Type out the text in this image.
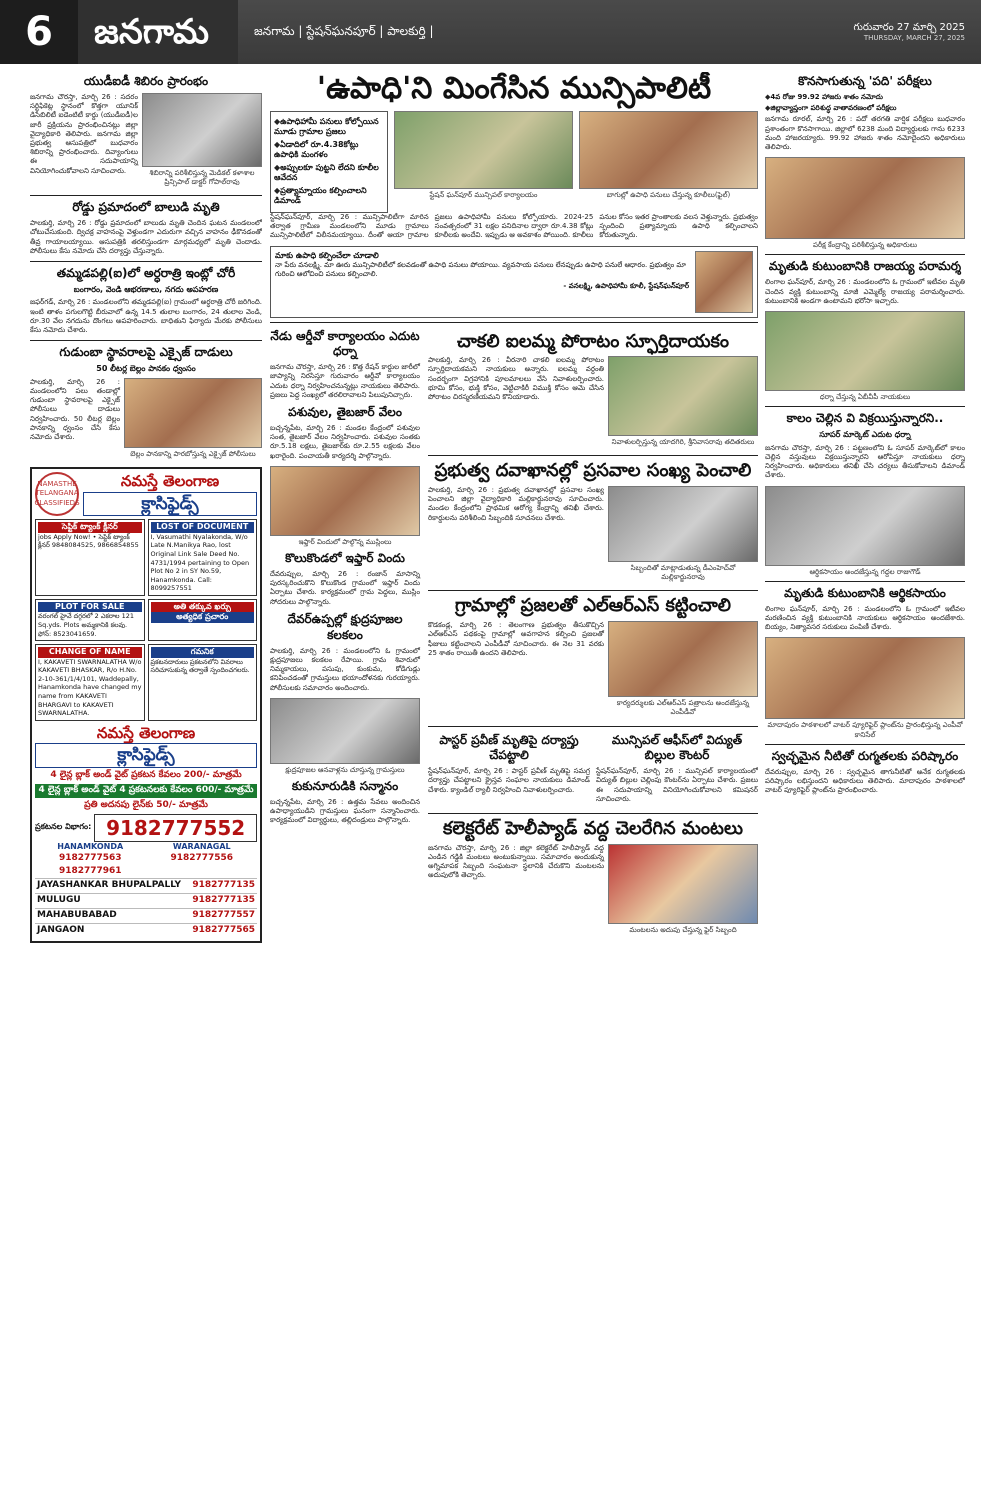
6	జనగామ	జనగామ | స్టేషన్‌ఘనపూర్ | పాలకుర్తి |	గురువారం 27 మార్చి 2025
THURSDAY, MARCH 27, 2025
యుడీఐడీ శిబిరం ప్రారంభం
జనగామ చౌరస్తా, మార్చి 26 : సదరం సర్టిఫికెట్ల స్థానంలో కొత్తగా యూనిక్ డిసేబిలిటీ ఐడెంటిటీ కార్డు (యుడీఐడీ)ల జారీ ప్రక్రియను ప్రారంభించినట్లు జిల్లా వైద్యాధికారి తెలిపారు. జనగామ జిల్లా ప్రభుత్వ ఆసుపత్రిలో బుధవారం శిబిరాన్ని ప్రారంభించారు. దివ్యాంగులు ఈ సదుపాయాన్ని వినియోగించుకోవాలని సూచించారు.	శిబిరాన్ని పరిశీలిస్తున్న మెడికల్‌ కళాశాల ప్రిన్సిపాల్‌ డాక్టర్‌ గోపాల్‌రావు
రోడ్డు ప్రమాదంలో బాలుడి మృతి
పాలకుర్తి, మార్చి 26 : రోడ్డు ప్రమాదంలో బాలుడు మృతి చెందిన ఘటన మండలంలో చోటుచేసుకుంది. ద్విచక్ర వాహనంపై వెళ్తుండగా ఎదురుగా వచ్చిన వాహనం ఢీకొనడంతో తీవ్ర గాయాలయ్యాయి. ఆసుపత్రికి తరలిస్తుండగా మార్గమధ్యలో మృతి చెందాడు. పోలీసులు కేసు నమోదు చేసి దర్యాప్తు చేస్తున్నారు.
తమ్మడపల్లి(ఐ)లో అర్ధరాత్రి ఇంట్లో చోరీ
బంగారం, వెండి ఆభరణాలు, నగదు అపహరణ
జఫర్‌గడ్, మార్చి 26 : మండలంలోని తమ్మడపల్లి(ఐ) గ్రామంలో అర్ధరాత్రి చోరీ జరిగింది. ఇంటి తాళం పగులగొట్టి బీరువాలో ఉన్న 14.5 తులాల బంగారం, 24 తులాల వెండి, రూ.30 వేల నగదును దొంగలు అపహరించారు. బాధితుని ఫిర్యాదు మేరకు పోలీసులు కేసు నమోదు చేశారు.
గుడుంబా స్థావరాలపై ఎక్సైజ్‌ దాడులు
50 లీటర్ల బెల్లం పానకం ధ్వంసం
పాలకుర్తి, మార్చి 26 : మండలంలోని పలు తండాల్లో గుడుంబా స్థావరాలపై ఎక్సైజ్‌ పోలీసులు దాడులు నిర్వహించారు. 50 లీటర్ల బెల్లం పానకాన్ని ధ్వంసం చేసి కేసు నమోదు చేశారు.
బెల్లం పానకాన్ని పారబోస్తున్న ఎక్సైజ్‌ పోలీసులు
NAMASTHE TELANGANA CLASSIFIEDS
నమస్తే తెలంగాణ
క్లాసిఫైడ్స్
సెప్టిక్‌ ట్యాంక్‌ క్లీనర్‌
jobs Apply Now! • సెప్టిక్‌ ట్యాంక్‌ క్లీనర్‌ 9848084525, 9866854855
LOST OF DOCUMENT
I, Vasumathi Nyalakonda, W/o Late N.Manikya Rao, lost Original Link Sale Deed No. 4731/1994 pertaining to Open Plot No 2 in SY No.59, Hanamkonda. Call: 8099257551
PLOT FOR SALE
వరంగల్‌ హైవే దగ్గరలో 2 ఎకరాల 121 Sq.yds. Plots అమ్మకానికి కలవు. ఫోన్‌: 8523041659.
అతి తక్కువ ఖర్చు
అత్యధిక ప్రచారం
CHANGE OF NAME
I, KAKAVETI SWARNALATHA W/o KAKAVETI BHASKAR, R/o H.No. 2-10-361/1/4/101, Waddepally, Hanamkonda have changed my name from KAKAVETI BHARGAVI to KAKAVETI SWARNALATHA.
గమనిక
ప్రకటనదారులు ప్రకటనలోని వివరాలు సరిచూసుకున్న తర్వాతే స్పందించగలరు.
నమస్తే తెలంగాణ
క్లాసిఫైడ్స్
4 లైన్ల బ్లాక్‌ అండ్‌ వైట్‌ ప్రకటన కేవలం 200/- మాత్రమే
4 లైన్ల బ్లాక్‌ అండ్‌ వైట్‌ 4 ప్రకటనలకు కేవలం 600/- మాత్రమే
ప్రతి అదనపు లైన్‌కు 50/- మాత్రమే
ప్రకటనల విభాగం: 9182777552
HANAMKONDA	WARANAGAL
9182777563	9182777556
9182777961
JAYASHANKAR BHUPALPALLY 9182777135
MULUGU	9182777135
MAHABUBABAD	9182777557
JANGAON	9182777565
'ఉపాధి'ని మింగేసిన మున్సిపాలిటీ
◆ ఉపాధిహామీ పనులు కోల్పోయిన మూడు గ్రామాల ప్రజలు
◆ ఏడాదిలో రూ.4.38కోట్లు ఉపాధికి మంగళం
◆ అప్పులకూ పుట్టని లేదని కూలీల ఆవేదన
◆ ప్రత్యామ్నాయం కల్పించాలని డిమాండ్‌
స్టేషన్‌ ఘన్‌పూర్‌ మున్సిపల్‌ కార్యాలయం	బాగుల్లో ఉపాధి పనులు చేస్తున్న కూలీలు(ఫైల్‌)
స్టేషన్‌ఘన్‌పూర్, మార్చి 26 : మున్సిపాలిటీగా మారిన తర్వాత గ్రామీణ మండలంలోని మూడు గ్రామాలు మున్సిపాలిటీలో విలీనమయ్యాయి. దీంతో ఆయా గ్రామాల ప్రజలు ఉపాధిహామీ పనులు కోల్పోయారు. 2024-25 సంవత్సరంలో 31 లక్షల పనిదినాల ద్వారా రూ.4.38 కోట్లు కూలీలకు అందేవి. ఇప్పుడు ఆ అవకాశం పోయింది. కూలీలు పనుల కోసం ఇతర ప్రాంతాలకు వలస వెళ్తున్నారు. ప్రభుత్వం స్పందించి ప్రత్యామ్నాయ ఉపాధి కల్పించాలని కోరుతున్నారు.
మాకు ఉపాధి కల్పించేలా చూడాలి
నా పేరు వనలక్ష్మి. మా ఊరు మున్సిపాలిటీలో కలవడంతో ఉపాధి పనులు పోయాయి. వ్యవసాయ పనులు లేనప్పుడు ఉపాధి పనులే ఆధారం. ప్రభుత్వం మా గురించి ఆలోచించి పనులు కల్పించాలి.
- వనలక్ష్మి, ఉపాధిహామీ కూలీ, స్టేషన్‌ఘన్‌పూర్
నేడు ఆర్డీవో కార్యాలయం ఎదుట ధర్నా
జనగామ చౌరస్తా, మార్చి 26 : కొత్త రేషన్‌ కార్డుల జారీలో జాప్యాన్ని నిరసిస్తూ గురువారం ఆర్డీవో కార్యాలయం ఎదుట ధర్నా నిర్వహించనున్నట్లు నాయకులు తెలిపారు. ప్రజలు పెద్ద సంఖ్యలో తరలిరావాలని పిలుపునిచ్చారు.
పశువుల, తైబజార్‌ వేలం
బచ్చన్నపేట, మార్చి 26 : మండల కేంద్రంలో పశువుల సంత, తైబజార్‌ వేలం నిర్వహించారు. పశువుల సంతకు రూ.5.18 లక్షలు, తైబజార్‌కు రూ.2.55 లక్షలకు వేలం ఖరారైంది. పంచాయతీ కార్యదర్శి పాల్గొన్నారు.
ఇఫ్తార్‌ విందులో పాల్గొన్న ముస్లింలు
కొలుకొండలో ఇఫ్తార్‌ విందు
దేవరుప్పుల, మార్చి 26 : రంజాన్‌ మాసాన్ని పురస్కరించుకొని కొలుకొండ గ్రామంలో ఇఫ్తార్‌ విందు ఏర్పాటు చేశారు. కార్యక్రమంలో గ్రామ పెద్దలు, ముస్లిం సోదరులు పాల్గొన్నారు.
దేవర్‌ఉప్పల్లో క్షుద్రపూజల కలకలం
పాలకుర్తి, మార్చి 26 : మండలంలోని ఓ గ్రామంలో క్షుద్రపూజలు కలకలం రేపాయి. గ్రామ శివారులో నిమ్మకాయలు, పసుపు, కుంకుమ, కోడిగుడ్లు కనిపించడంతో గ్రామస్తులు భయాందోళనకు గురయ్యారు. పోలీసులకు సమాచారం అందించారు.
క్షుద్రపూజల ఆనవాళ్లను చూస్తున్న గ్రామస్తులు
కుకునూరుడికి సన్మానం
బచ్చన్నపేట, మార్చి 26 : ఉత్తమ సేవలు అందించిన ఉపాధ్యాయుడిని గ్రామస్తులు ఘనంగా సన్మానించారు. కార్యక్రమంలో విద్యార్థులు, తల్లిదండ్రులు పాల్గొన్నారు.
చాకలి ఐలమ్మ పోరాటం స్ఫూర్తిదాయకం
పాలకుర్తి, మార్చి 26 : వీరనారి చాకలి ఐలమ్మ పోరాటం స్ఫూర్తిదాయకమని నాయకులు అన్నారు. ఐలమ్మ వర్ధంతి సందర్భంగా విగ్రహానికి పూలమాలలు వేసి నివాళులర్పించారు. భూమి కోసం, భుక్తి కోసం, వెట్టిచాకిరీ విముక్తి కోసం ఆమె చేసిన పోరాటం చిరస్మరణీయమని కొనియాడారు.
నివాళులర్పిస్తున్న యాదగిరి, శ్రీనివాసరావు తదితరులు
ప్రభుత్వ దవాఖానల్లో ప్రసవాల సంఖ్య పెంచాలి
పాలకుర్తి, మార్చి 26 : ప్రభుత్వ దవాఖానల్లో ప్రసవాల సంఖ్య పెంచాలని జిల్లా వైద్యాధికారి మల్లికార్జునరావు సూచించారు. మండల కేంద్రంలోని ప్రాథమిక ఆరోగ్య కేంద్రాన్ని తనిఖీ చేశారు. రికార్డులను పరిశీలించి సిబ్బందికి సూచనలు చేశారు.
సిబ్బందితో మాట్లాడుతున్న డీఎంహెచ్‌వో మల్లికార్జునరావు
గ్రామాల్లో ప్రజలతో ఎల్‌ఆర్‌ఎస్‌ కట్టించాలి
కొడకండ్ల, మార్చి 26 : తెలంగాణ ప్రభుత్వం తీసుకొచ్చిన ఎల్‌ఆర్‌ఎస్‌ పథకంపై గ్రామాల్లో అవగాహన కల్పించి ప్రజలతో ఫీజులు కట్టించాలని ఎంపీడీవో సూచించారు. ఈ నెల 31 వరకు 25 శాతం రాయితీ ఉందని తెలిపారు.
కార్యదర్శులకు ఎల్‌ఆర్‌ఎస్‌ పత్రాలను అందజేస్తున్న ఎంపీడీవో
పాస్టర్‌ ప్రవీణ్‌ మృతిపై దర్యాప్తు చేపట్టాలి
స్టేషన్‌ఘన్‌పూర్, మార్చి 26 : పాస్టర్‌ ప్రవీణ్‌ మృతిపై సమగ్ర దర్యాప్తు చేపట్టాలని క్రైస్తవ సంఘాల నాయకులు డిమాండ్‌ చేశారు. క్యాండిల్‌ ర్యాలీ నిర్వహించి నివాళులర్పించారు.
మున్సిపల్‌ ఆఫీస్‌లో విద్యుత్‌ బిల్లుల కౌంటర్‌
స్టేషన్‌ఘన్‌పూర్, మార్చి 26 : మున్సిపల్‌ కార్యాలయంలో విద్యుత్‌ బిల్లుల చెల్లింపు కౌంటర్‌ను ఏర్పాటు చేశారు. ప్రజలు ఈ సదుపాయాన్ని వినియోగించుకోవాలని కమిషనర్‌ సూచించారు.
కలెక్టరేట్‌ హెలీప్యాడ్‌ వద్ద చెలరేగిన మంటలు
జనగామ చౌరస్తా, మార్చి 26 : జిల్లా కలెక్టరేట్‌ హెలీప్యాడ్‌ వద్ద ఎండిన గడ్డికి మంటలు అంటుకున్నాయి. సమాచారం అందుకున్న అగ్నిమాపక సిబ్బంది సంఘటనా స్థలానికి చేరుకొని మంటలను అదుపులోకి తెచ్చారు.
మంటలను అదుపు చేస్తున్న ఫైర్‌ సిబ్బంది
కొనసాగుతున్న 'పది' పరీక్షలు
◆ 4వ రోజు 99.92 హాజరు శాతం నమోదు
◆ జిల్లావ్యాప్తంగా పరిశుద్ధ వాతావరణంలో పరీక్షలు
జనగామ రూరల్, మార్చి 26 : పదో తరగతి వార్షిక పరీక్షలు బుధవారం ప్రశాంతంగా కొనసాగాయి. జిల్లాలో 6238 మంది విద్యార్థులకు గాను 6233 మంది హాజరయ్యారు. 99.92 హాజరు శాతం నమోదైందని అధికారులు తెలిపారు.
పరీక్ష కేంద్రాన్ని పరిశీలిస్తున్న అధికారులు
మృతుడి కుటుంబానికి రాజయ్య పరామర్శ
లింగాల ఘన్‌పూర్, మార్చి 26 : మండలంలోని ఓ గ్రామంలో ఇటీవల మృతి చెందిన వ్యక్తి కుటుంబాన్ని మాజీ ఎమ్మెల్యే రాజయ్య పరామర్శించారు. కుటుంబానికి అండగా ఉంటామని భరోసా ఇచ్చారు.
ధర్నా చేస్తున్న ఏబీవీపీ నాయకులు
కాలం చెల్లిన వి విక్రయిస్తున్నారని..
సూపర్‌ మార్కెట్‌ ఎదుట ధర్నా
జనగామ చౌరస్తా, మార్చి 26 : పట్టణంలోని ఓ సూపర్‌ మార్కెట్‌లో కాలం చెల్లిన వస్తువులు విక్రయిస్తున్నారని ఆరోపిస్తూ నాయకులు ధర్నా నిర్వహించారు. అధికారులు తనిఖీ చేసి చర్యలు తీసుకోవాలని డిమాండ్‌ చేశారు.
ఆర్థికసాయం అందజేస్తున్న గద్దల రాజుగౌడ్‌
మృతుడి కుటుంబానికి ఆర్థికసాయం
లింగాల ఘన్‌పూర్, మార్చి 26 : మండలంలోని ఓ గ్రామంలో ఇటీవల మరణించిన వ్యక్తి కుటుంబానికి నాయకులు ఆర్థికసాయం అందజేశారు. బియ్యం, నిత్యావసర సరుకులు పంపిణీ చేశారు.
మాదాపురం పాఠశాలలో వాటర్‌ ప్యూరిఫైర్‌ ప్లాంట్‌ను ప్రారంభిస్తున్న ఎంపీవో కానిసేల్‌
స్వచ్ఛమైన నీటితో రుగ్మతలకు పరిష్కారం
దేవరుప్పుల, మార్చి 26 : స్వచ్ఛమైన తాగునీటితో అనేక రుగ్మతలకు పరిష్కారం లభిస్తుందని అధికారులు తెలిపారు. మాదాపురం పాఠశాలలో వాటర్‌ ప్యూరిఫైర్‌ ప్లాంట్‌ను ప్రారంభించారు.
